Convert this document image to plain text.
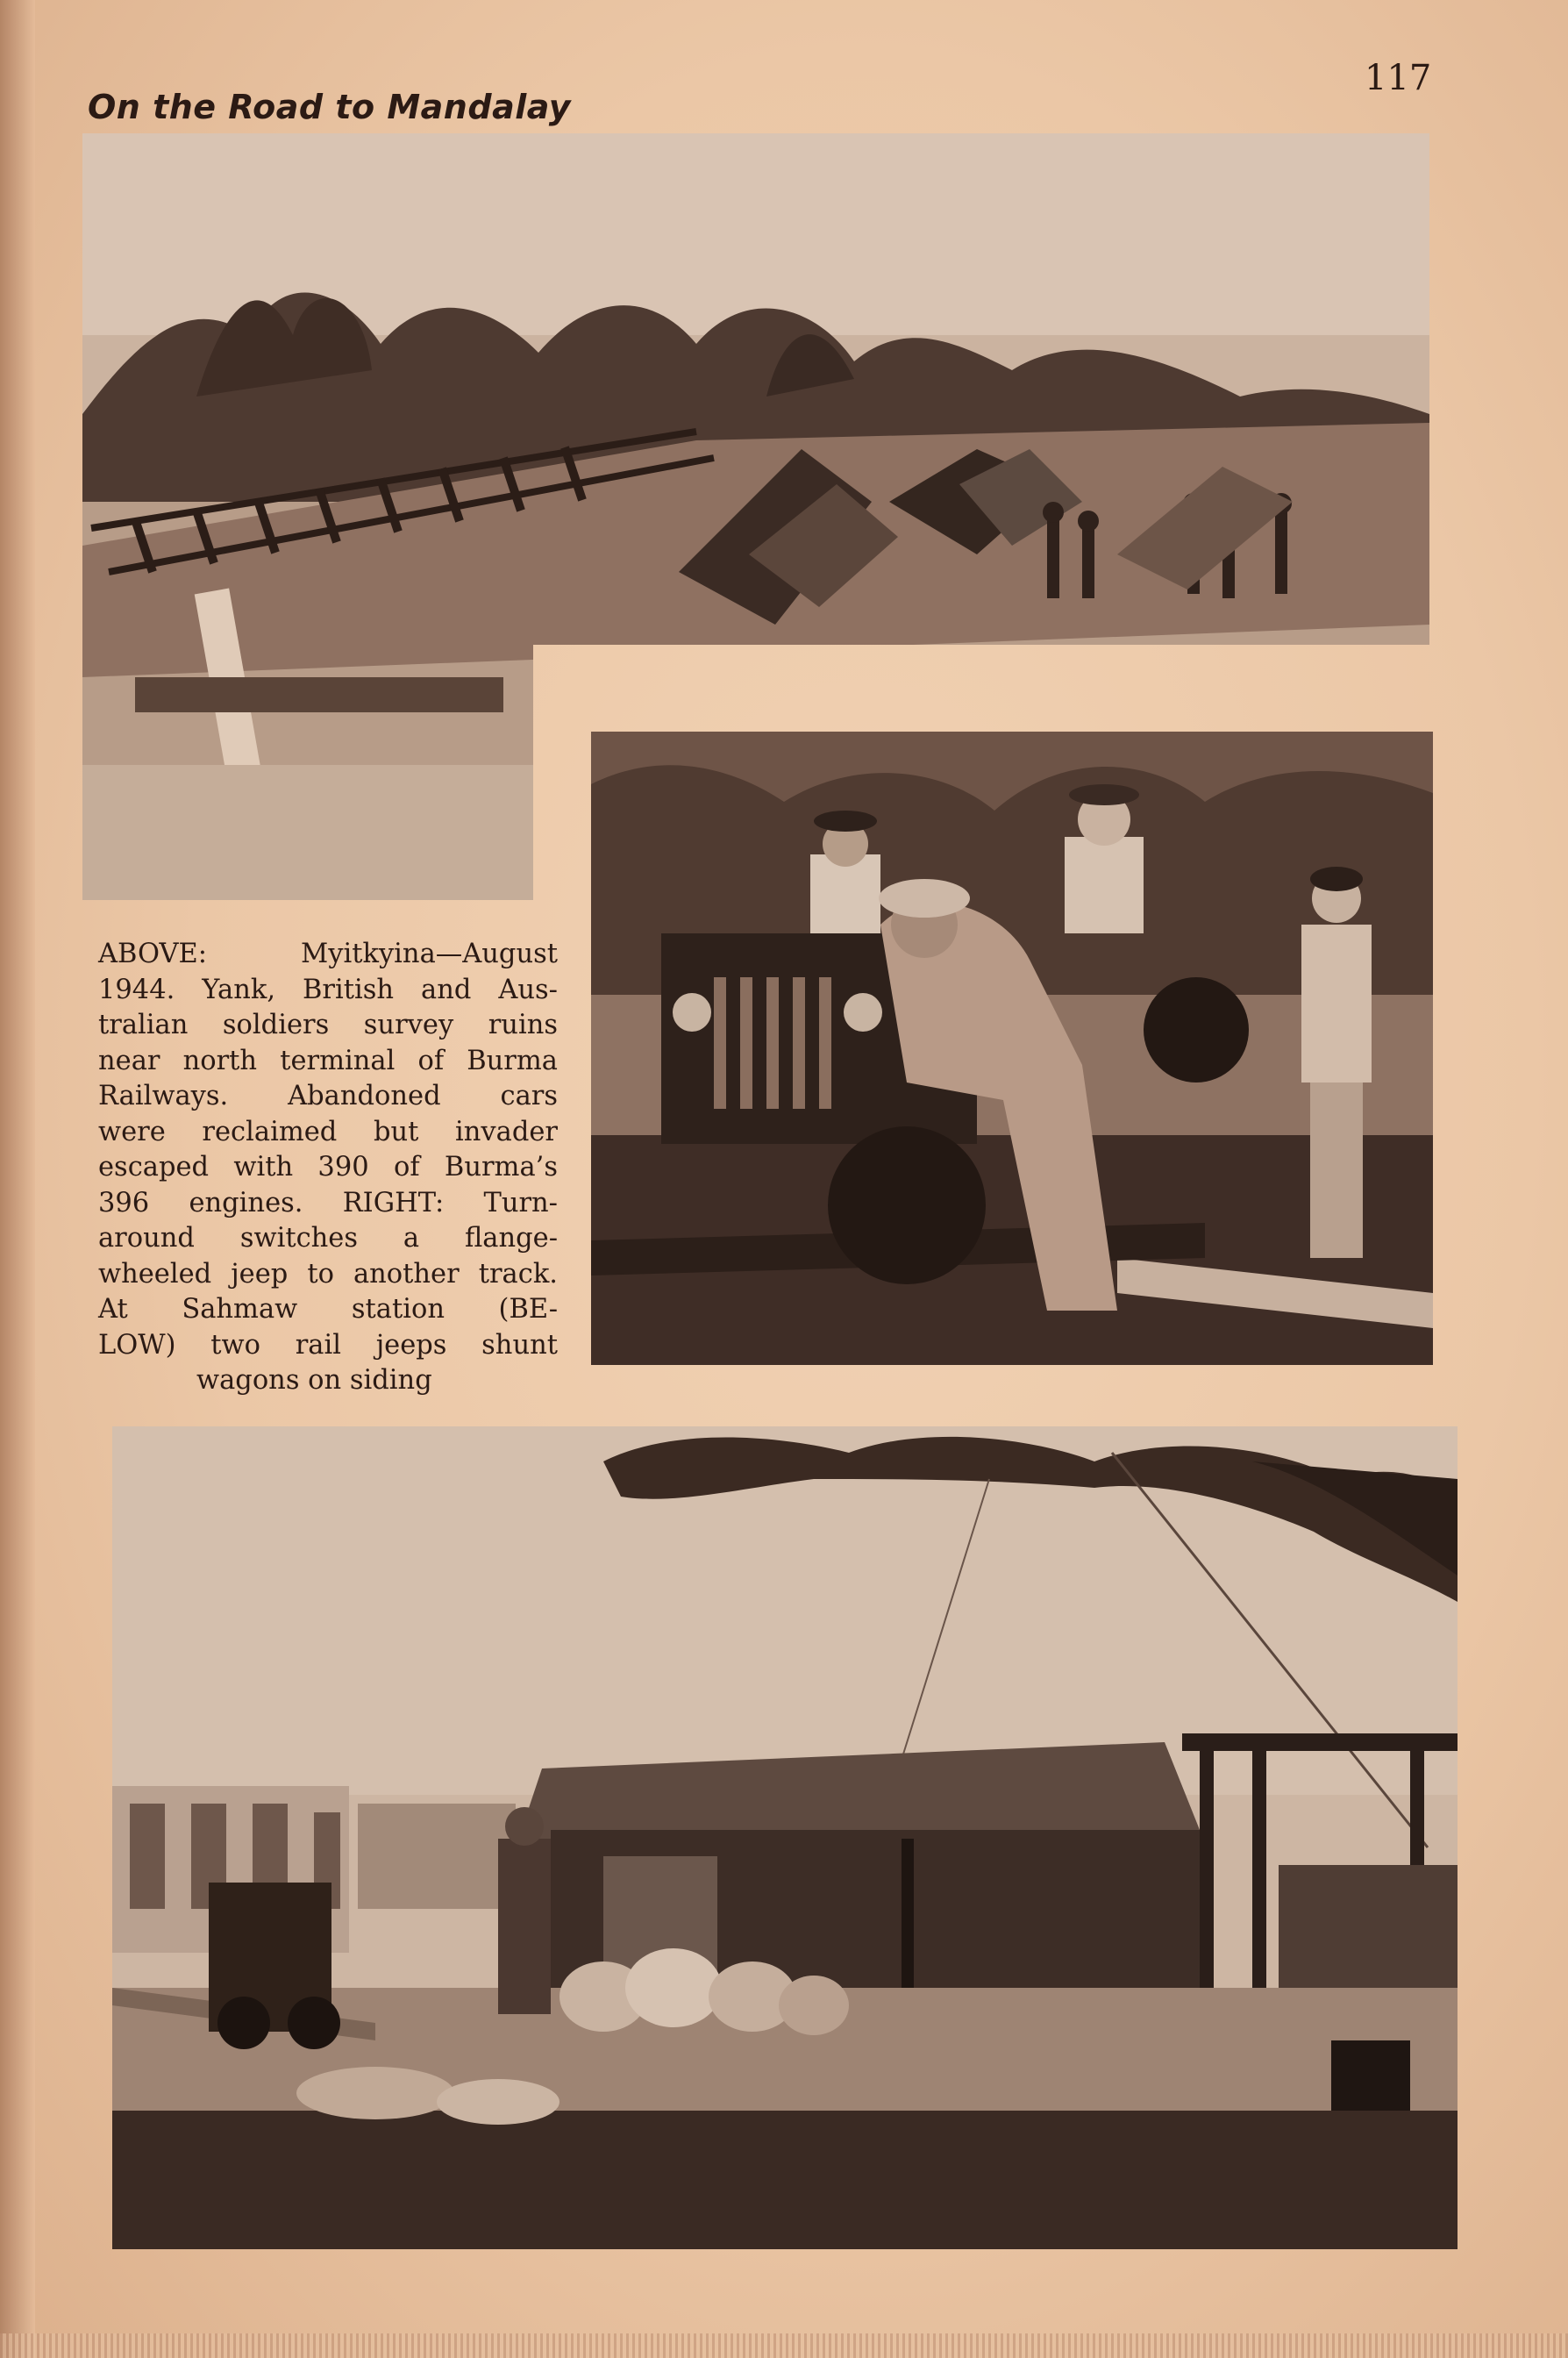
On the Road to Mandalay
117
ABOVE: Myitkyina—August
1944. Yank, British and Aus-
tralian soldiers survey ruins
near north terminal of Burma
Railways. Abandoned cars
were reclaimed but invader
escaped with 390 of Burma’s
396 engines. RIGHT: Turn-
around switches a flange-
wheeled jeep to another track.
At Sahmaw station (BE-
LOW) two rail jeeps shunt
wagons on siding
